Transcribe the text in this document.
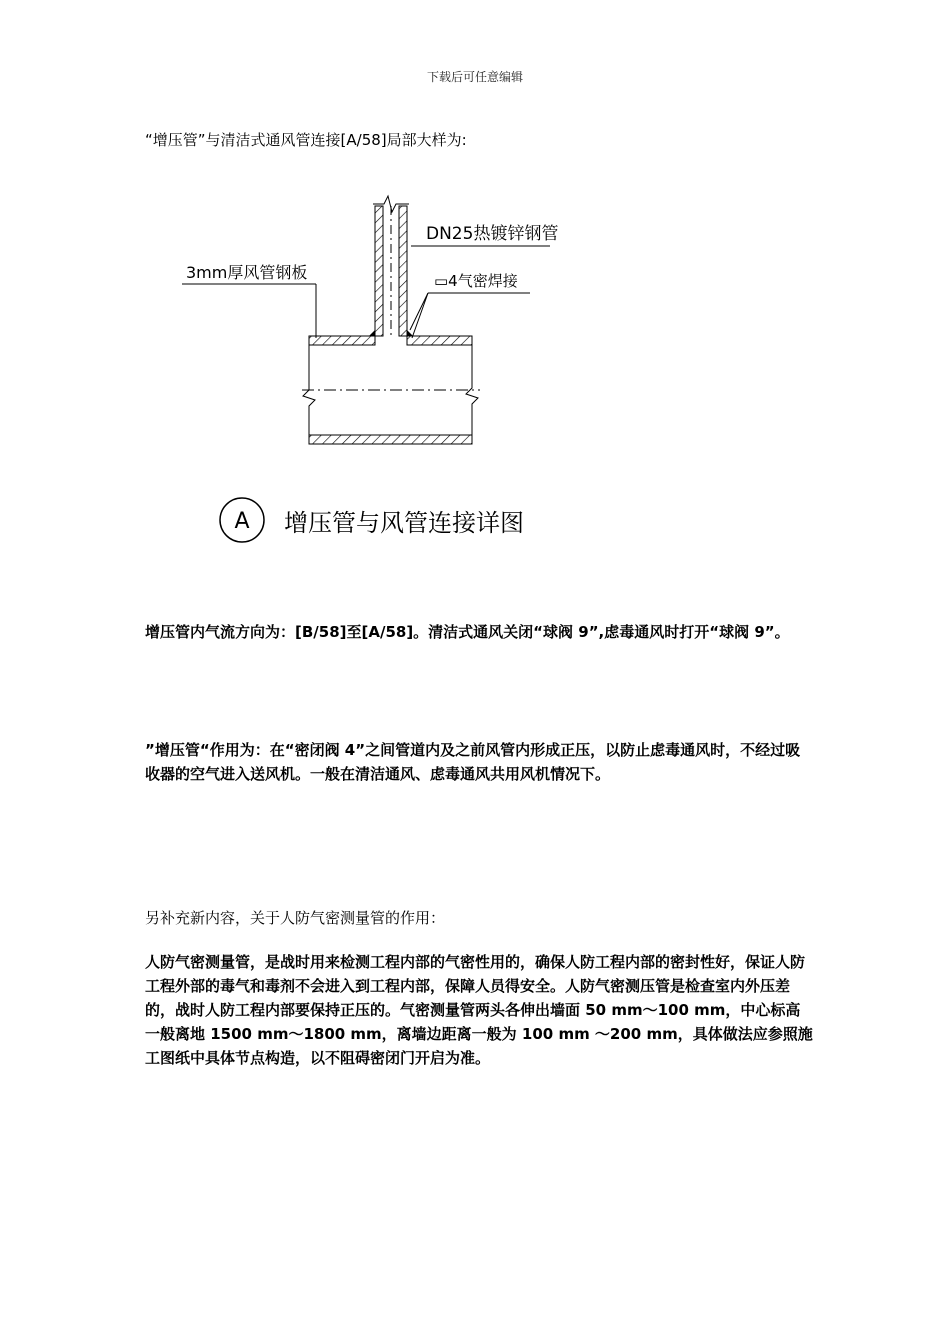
下载后可任意编辑
“增压管”与清洁式通风管连接[A/58]局部大样为:
DN25热镀锌钢管
3mm厚风管钢板	▭4气密焊接
A 增压管与风管连接详图
增压管内气流方向为：[B/58]至[A/58]。清洁式通风关闭“球阀 9”,虑毒通风时打开“球阀 9”。
”增压管“作用为：在“密闭阀 4”之间管道内及之前风管内形成正压，以防止虑毒通风时，不经过吸收器的空气进入送风机。一般在清洁通风、虑毒通风共用风机情况下。
另补充新内容，关于人防气密测量管的作用：
人防气密测量管，是战时用来检测工程内部的气密性用的，确保人防工程内部的密封性好，保证人防工程外部的毒气和毒剂不会进入到工程内部，保障人员得安全。人防气密测压管是检查室内外压差的，战时人防工程内部要保持正压的。气密测量管两头各伸出墙面 50 mm～100 mm，中心标高一般离地 1500 mm～1800 mm，离墙边距离一般为 100 mm ～200 mm，具体做法应参照施工图纸中具体节点构造，以不阻碍密闭门开启为准。
